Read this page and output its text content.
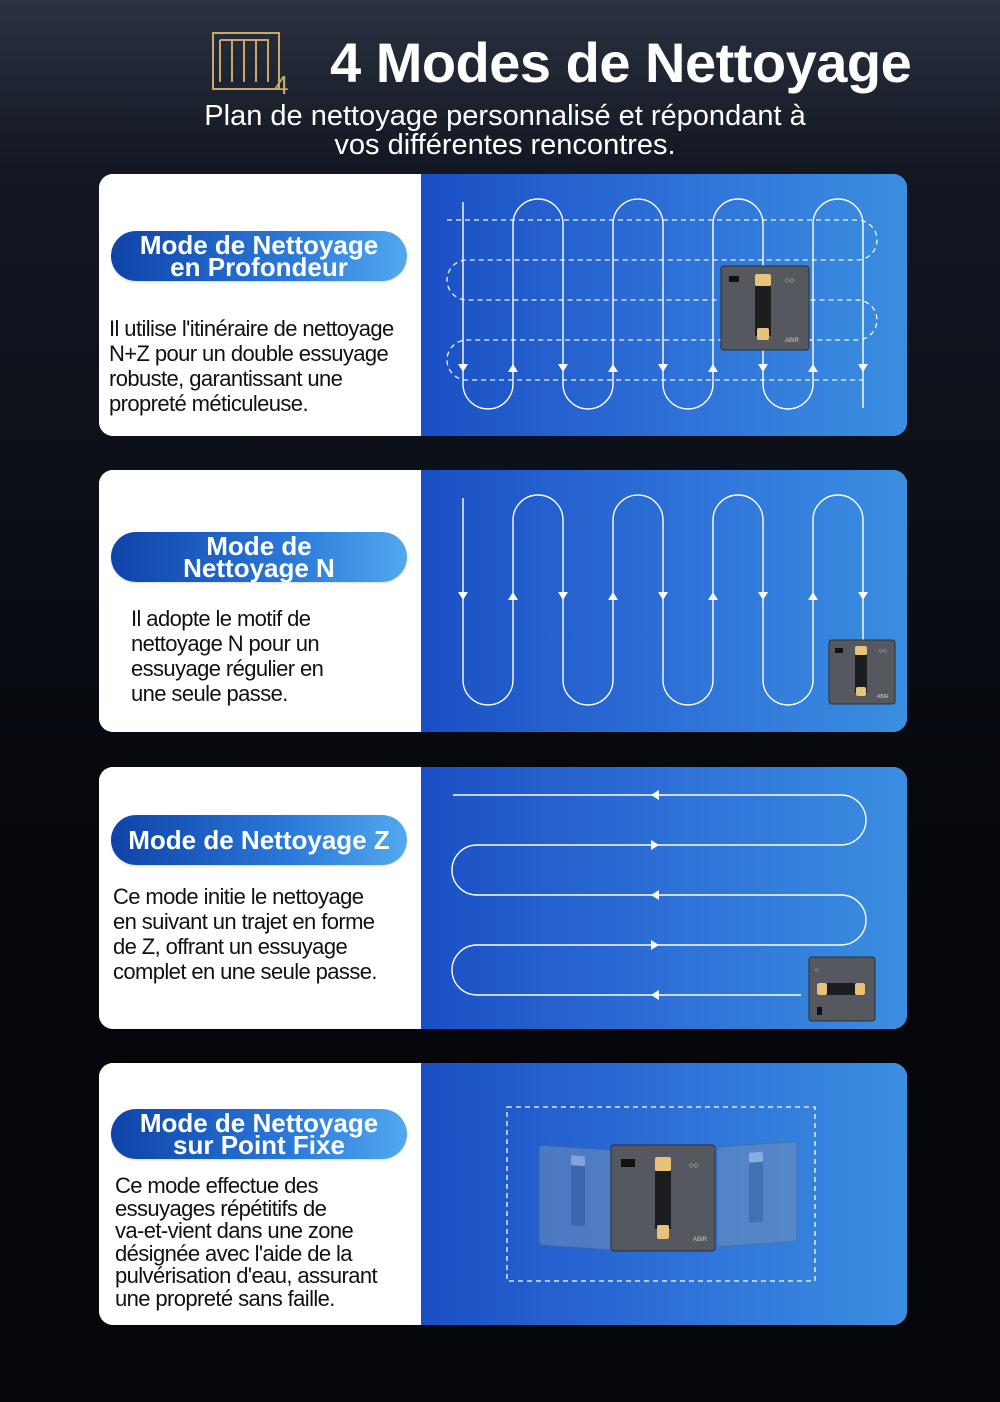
4 4 Modes de Nettoyage
Plan de nettoyage personnalisé et répondant à
vos différentes rencontres.
Mode de Nettoyage
en Profondeur
Il utilise l'itinéraire de nettoyage
N+Z pour un double essuyage
robuste, garantissant une
propreté méticuleuse.
◇◇
ABIR
Mode de
Nettoyage N
Il adopte le motif de
nettoyage N pour un
essuyage régulier en
une seule passe.
◇◇
ABIR
Mode de Nettoyage Z
Ce mode initie le nettoyage
en suivant un trajet en forme
de Z, offrant un essuyage
complet en une seule passe.	◇
Mode de Nettoyage
sur Point Fixe
Ce mode effectue des
essuyages répétitifs de
va-et-vient dans une zone
désignée avec l'aide de la
pulvérisation d'eau, assurant
une propreté sans faille.
◇◇
ABIR
